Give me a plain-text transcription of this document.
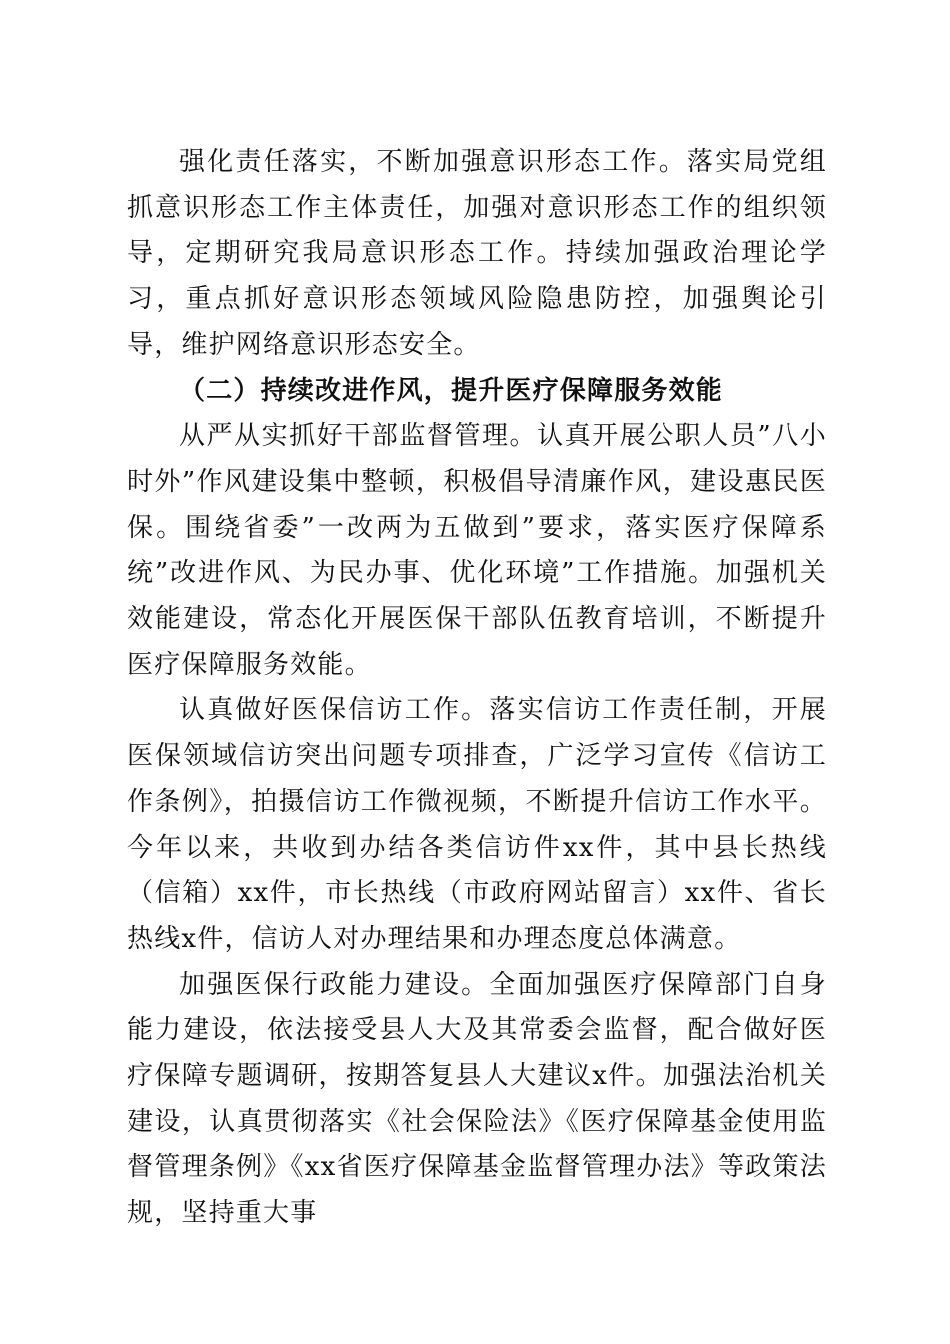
强化责任落实，不断加强意识形态工作。落实局党组抓意识形态工作主体责任，加强对意识形态工作的组织领导，定期研究我局意识形态工作。持续加强政治理论学习，重点抓好意识形态领域风险隐患防控，加强舆论引导，维护网络意识形态安全。

（二）持续改进作风，提升医疗保障服务效能

从严从实抓好干部监督管理。认真开展公职人员”八小时外”作风建设集中整顿，积极倡导清廉作风，建设惠民医保。围绕省委”一改两为五做到”要求，落实医疗保障系统”改进作风、为民办事、优化环境”工作措施。加强机关效能建设，常态化开展医保干部队伍教育培训，不断提升医疗保障服务效能。

认真做好医保信访工作。落实信访工作责任制，开展医保领域信访突出问题专项排查，广泛学习宣传《信访工作条例》，拍摄信访工作微视频，不断提升信访工作水平。今年以来，共收到办结各类信访件xx件，其中县长热线（信箱）xx件，市长热线（市政府网站留言）xx件、省长热线x件，信访人对办理结果和办理态度总体满意。

加强医保行政能力建设。全面加强医疗保障部门自身能力建设，依法接受县人大及其常委会监督，配合做好医疗保障专题调研，按期答复县人大建议x件。加强法治机关建设，认真贯彻落实《社会保险法》《医疗保障基金使用监督管理条例》《xx省医疗保障基金监督管理办法》等政策法规，坚持重大事
